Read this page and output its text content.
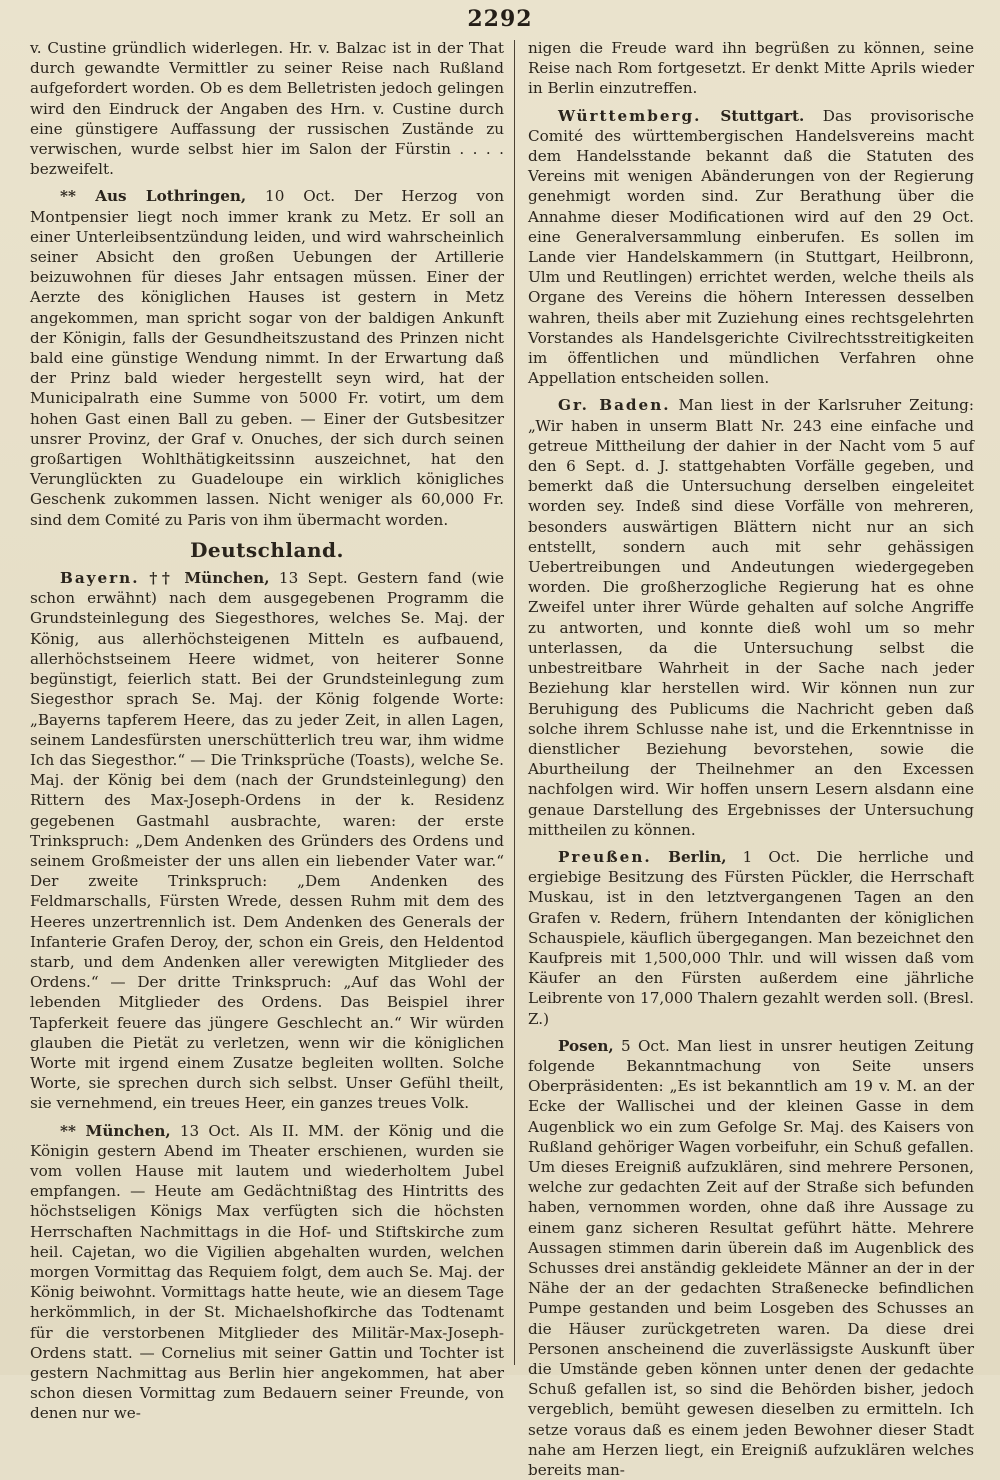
2292

v. Custine gründlich widerlegen. Hr. v. Balzac ist in der That durch gewandte Vermittler zu seiner Reise nach Rußland aufgefordert worden. Ob es dem Belletristen jedoch gelingen wird den Eindruck der Angaben des Hrn. v. Custine durch eine günstigere Auffassung der russischen Zustände zu verwischen, wurde selbst hier im Salon der Fürstin . . . . bezweifelt.

** Aus Lothringen, 10 Oct. Der Herzog von Montpensier liegt noch immer krank zu Metz. Er soll an einer Unterleibsentzündung leiden, und wird wahrscheinlich seiner Absicht den großen Uebungen der Artillerie beizuwohnen für dieses Jahr entsagen müssen. Einer der Aerzte des königlichen Hauses ist gestern in Metz angekommen, man spricht sogar von der baldigen Ankunft der Königin, falls der Gesundheitszustand des Prinzen nicht bald eine günstige Wendung nimmt. In der Erwartung daß der Prinz bald wieder hergestellt seyn wird, hat der Municipalrath eine Summe von 5000 Fr. votirt, um dem hohen Gast einen Ball zu geben. — Einer der Gutsbesitzer unsrer Provinz, der Graf v. Onuches, der sich durch seinen großartigen Wohlthätigkeitssinn auszeichnet, hat den Verunglückten zu Guadeloupe ein wirklich königliches Geschenk zukommen lassen. Nicht weniger als 60,000 Fr. sind dem Comité zu Paris von ihm übermacht worden.

Deutschland.

Bayern. †† München, 13 Sept. Gestern fand (wie schon erwähnt) nach dem ausgegebenen Programm die Grundsteinlegung des Siegesthores, welches Se. Maj. der König, aus allerhöchsteigenen Mitteln es aufbauend, allerhöchstseinem Heere widmet, von heiterer Sonne begünstigt, feierlich statt. Bei der Grundsteinlegung zum Siegesthor sprach Se. Maj. der König folgende Worte: „Bayerns tapferem Heere, das zu jeder Zeit, in allen Lagen, seinem Landesfürsten unerschütterlich treu war, ihm widme Ich das Siegesthor.“ — Die Trinksprüche (Toasts), welche Se. Maj. der König bei dem (nach der Grundsteinlegung) den Rittern des Max-Joseph-Ordens in der k. Residenz gegebenen Gastmahl ausbrachte, waren: der erste Trinkspruch: „Dem Andenken des Gründers des Ordens und seinem Großmeister der uns allen ein liebender Vater war.“ Der zweite Trinkspruch: „Dem Andenken des Feldmarschalls, Fürsten Wrede, dessen Ruhm mit dem des Heeres unzertrennlich ist. Dem Andenken des Generals der Infanterie Grafen Deroy, der, schon ein Greis, den Heldentod starb, und dem Andenken aller verewigten Mitglieder des Ordens.“ — Der dritte Trinkspruch: „Auf das Wohl der lebenden Mitglieder des Ordens. Das Beispiel ihrer Tapferkeit feuere das jüngere Geschlecht an.“ Wir würden glauben die Pietät zu verletzen, wenn wir die königlichen Worte mit irgend einem Zusatze begleiten wollten. Solche Worte, sie sprechen durch sich selbst. Unser Gefühl theilt, sie vernehmend, ein treues Heer, ein ganzes treues Volk.

** München, 13 Oct. Als II. MM. der König und die Königin gestern Abend im Theater erschienen, wurden sie vom vollen Hause mit lautem und wiederholtem Jubel empfangen. — Heute am Gedächtnißtag des Hintritts des höchstseligen Königs Max verfügten sich die höchsten Herrschaften Nachmittags in die Hof- und Stiftskirche zum heil. Cajetan, wo die Vigilien abgehalten wurden, welchen morgen Vormittag das Requiem folgt, dem auch Se. Maj. der König beiwohnt. Vormittags hatte heute, wie an diesem Tage herkömmlich, in der St. Michaelshofkirche das Todtenamt für die verstorbenen Mitglieder des Militär-Max-Joseph-Ordens statt. — Cornelius mit seiner Gattin und Tochter ist gestern Nachmittag aus Berlin hier angekommen, hat aber schon diesen Vormittag zum Bedauern seiner Freunde, von denen nur we-

nigen die Freude ward ihn begrüßen zu können, seine Reise nach Rom fortgesetzt. Er denkt Mitte Aprils wieder in Berlin einzutreffen.

Württemberg. Stuttgart. Das provisorische Comité des württembergischen Handelsvereins macht dem Handelsstande bekannt daß die Statuten des Vereins mit wenigen Abänderungen von der Regierung genehmigt worden sind. Zur Berathung über die Annahme dieser Modificationen wird auf den 29 Oct. eine Generalversammlung einberufen. Es sollen im Lande vier Handelskammern (in Stuttgart, Heilbronn, Ulm und Reutlingen) errichtet werden, welche theils als Organe des Vereins die höhern Interessen desselben wahren, theils aber mit Zuziehung eines rechtsgelehrten Vorstandes als Handelsgerichte Civilrechtsstreitigkeiten im öffentlichen und mündlichen Verfahren ohne Appellation entscheiden sollen.

Gr. Baden. Man liest in der Karlsruher Zeitung: „Wir haben in unserm Blatt Nr. 243 eine einfache und getreue Mittheilung der dahier in der Nacht vom 5 auf den 6 Sept. d. J. stattgehabten Vorfälle gegeben, und bemerkt daß die Untersuchung derselben eingeleitet worden sey. Indeß sind diese Vorfälle von mehreren, besonders auswärtigen Blättern nicht nur an sich entstellt, sondern auch mit sehr gehässigen Uebertreibungen und Andeutungen wiedergegeben worden. Die großherzogliche Regierung hat es ohne Zweifel unter ihrer Würde gehalten auf solche Angriffe zu antworten, und konnte dieß wohl um so mehr unterlassen, da die Untersuchung selbst die unbestreitbare Wahrheit in der Sache nach jeder Beziehung klar herstellen wird. Wir können nun zur Beruhigung des Publicums die Nachricht geben daß solche ihrem Schlusse nahe ist, und die Erkenntnisse in dienstlicher Beziehung bevorstehen, sowie die Aburtheilung der Theilnehmer an den Excessen nachfolgen wird. Wir hoffen unsern Lesern alsdann eine genaue Darstellung des Ergebnisses der Untersuchung mittheilen zu können.

Preußen. Berlin, 1 Oct. Die herrliche und ergiebige Besitzung des Fürsten Pückler, die Herrschaft Muskau, ist in den letztvergangenen Tagen an den Grafen v. Redern, frühern Intendanten der königlichen Schauspiele, käuflich übergegangen. Man bezeichnet den Kaufpreis mit 1,500,000 Thlr. und will wissen daß vom Käufer an den Fürsten außerdem eine jährliche Leibrente von 17,000 Thalern gezahlt werden soll. (Bresl. Z.)

Posen, 5 Oct. Man liest in unsrer heutigen Zeitung folgende Bekanntmachung von Seite unsers Oberpräsidenten: „Es ist bekanntlich am 19 v. M. an der Ecke der Wallischei und der kleinen Gasse in dem Augenblick wo ein zum Gefolge Sr. Maj. des Kaisers von Rußland gehöriger Wagen vorbeifuhr, ein Schuß gefallen. Um dieses Ereigniß aufzuklären, sind mehrere Personen, welche zur gedachten Zeit auf der Straße sich befunden haben, vernommen worden, ohne daß ihre Aussage zu einem ganz sicheren Resultat geführt hätte. Mehrere Aussagen stimmen darin überein daß im Augenblick des Schusses drei anständig gekleidete Männer an der in der Nähe der an der gedachten Straßenecke befindlichen Pumpe gestanden und beim Losgeben des Schusses an die Häuser zurückgetreten waren. Da diese drei Personen anscheinend die zuverlässigste Auskunft über die Umstände geben können unter denen der gedachte Schuß gefallen ist, so sind die Behörden bisher, jedoch vergeblich, bemüht gewesen dieselben zu ermitteln. Ich setze voraus daß es einem jeden Bewohner dieser Stadt nahe am Herzen liegt, ein Ereigniß aufzuklären welches bereits man-
